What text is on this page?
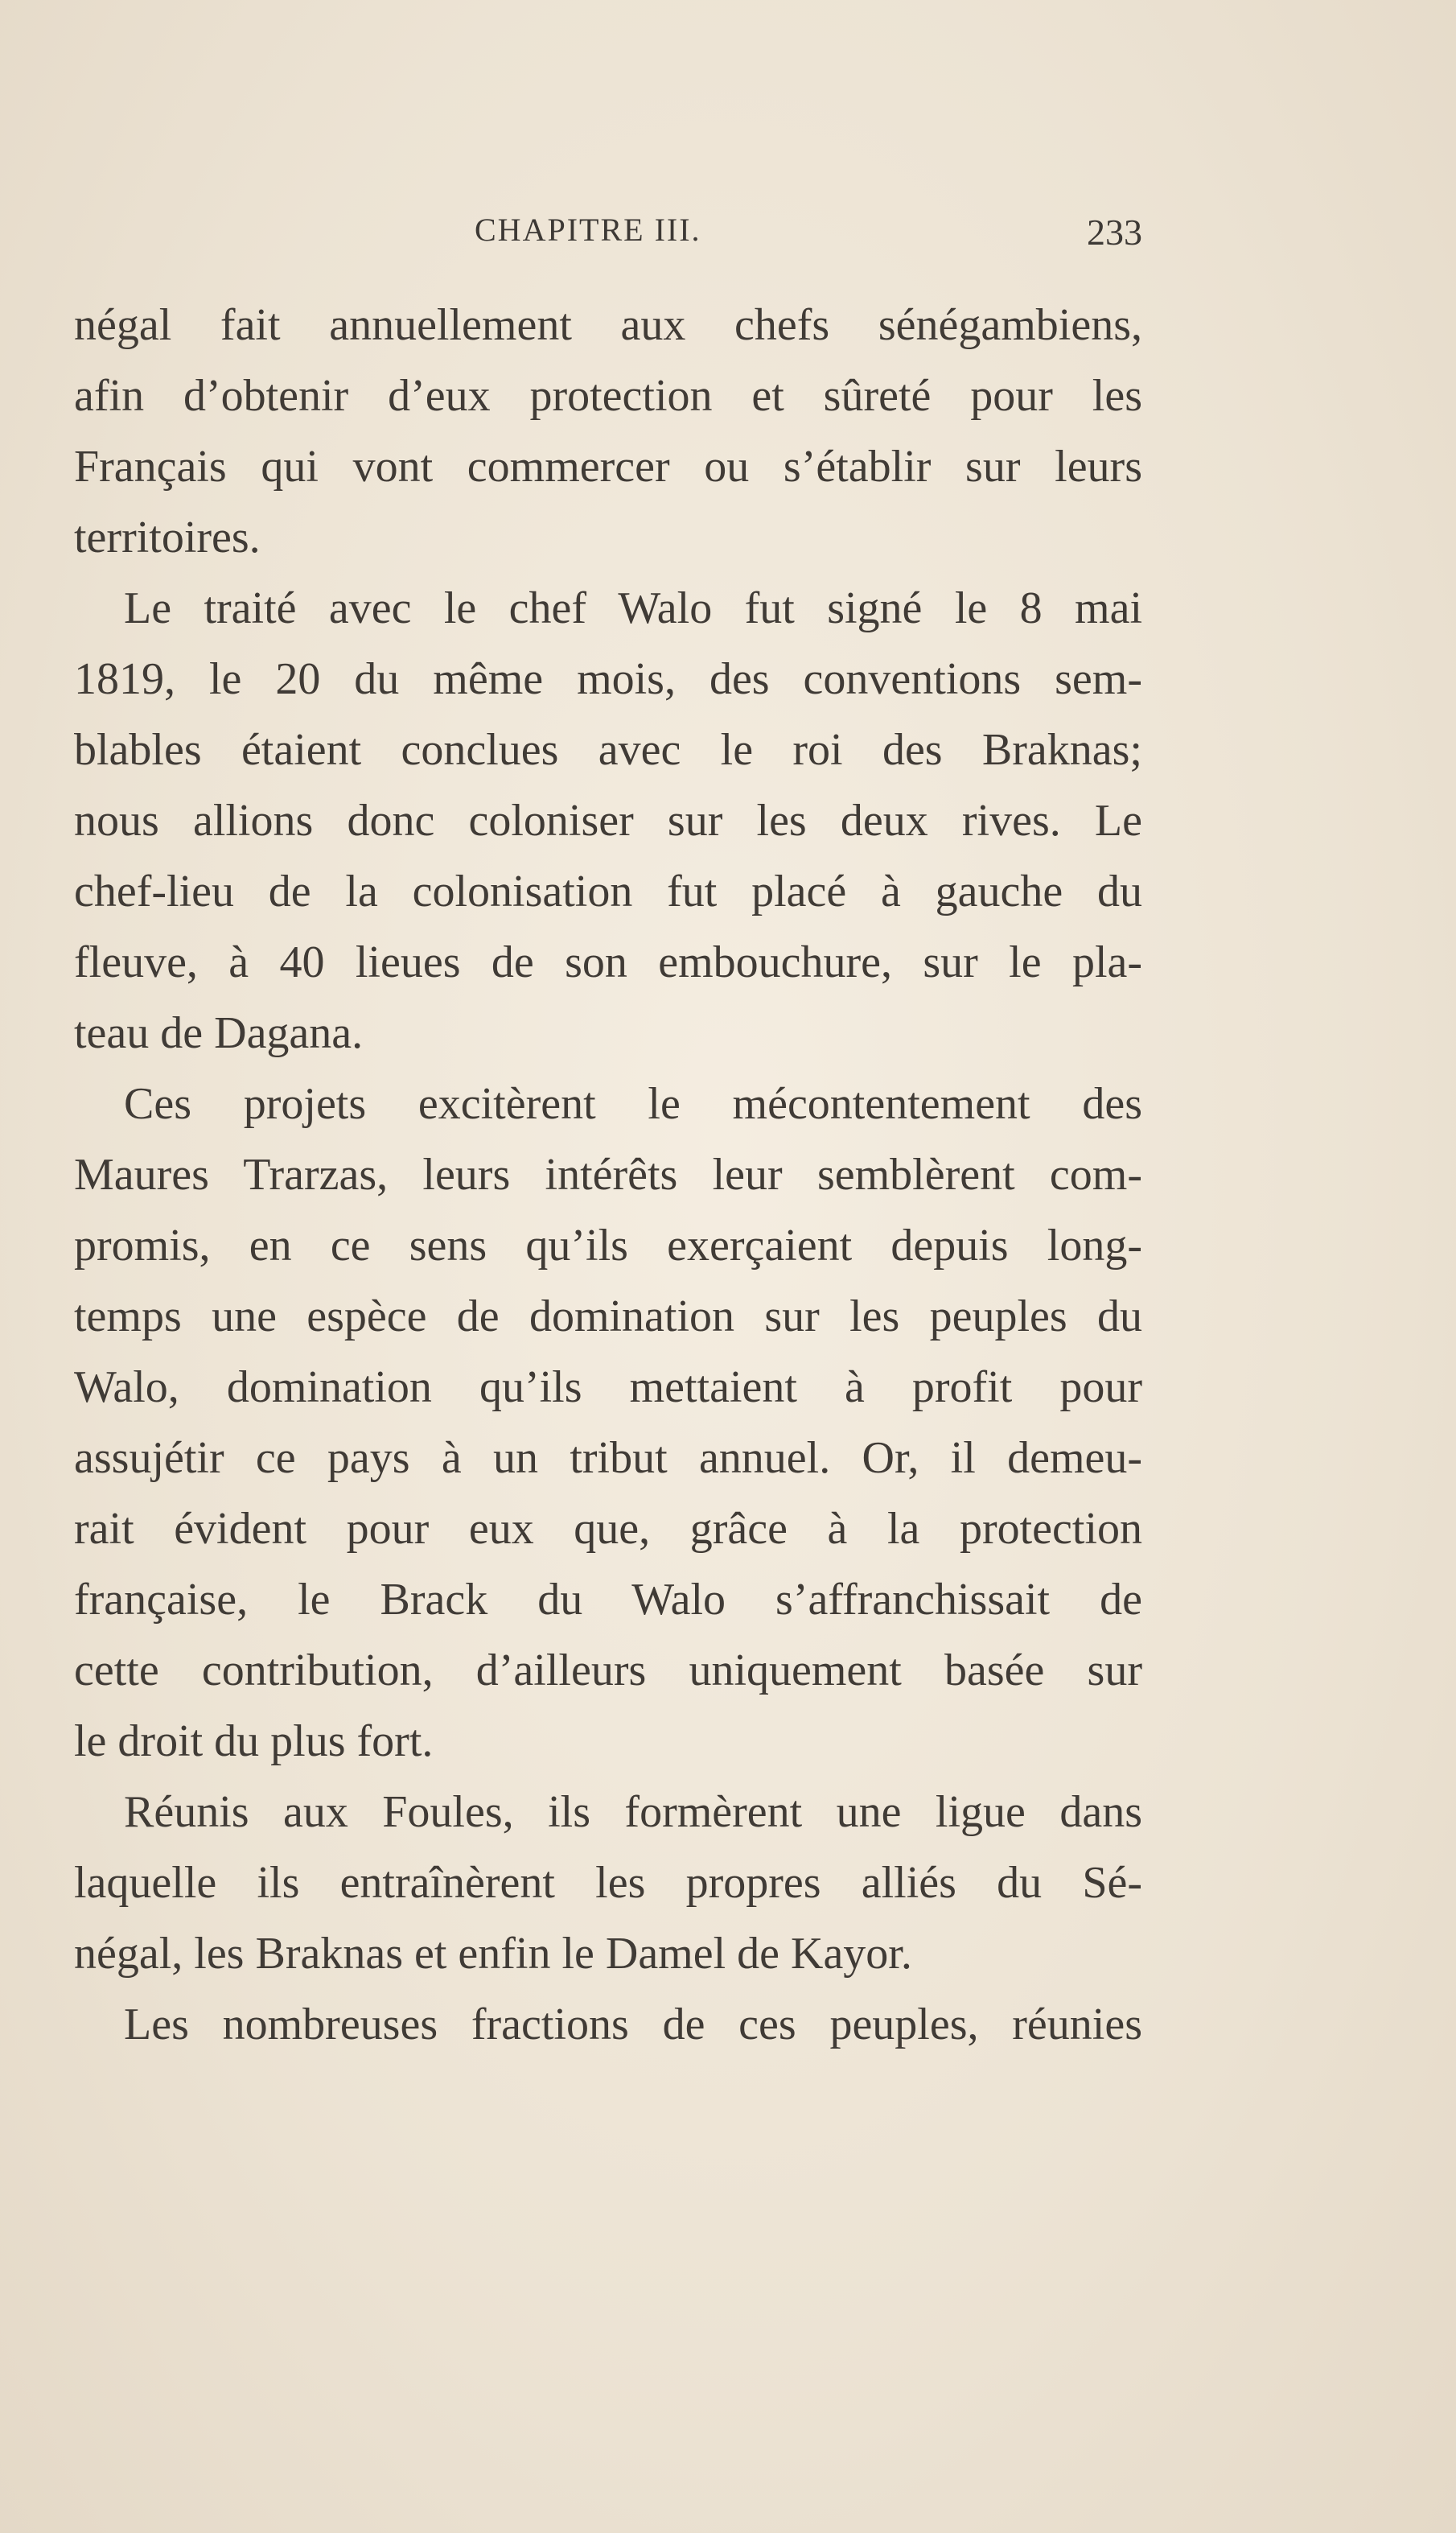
CHAPITRE III.	233
négal fait annuellement aux chefs sénégambiens,
afin d’obtenir d’eux protection et sûreté pour les
Français qui vont commercer ou s’établir sur leurs
territoires.
Le traité avec le chef Walo fut signé le 8 mai
1819, le 20 du même mois, des conventions sem-
blables étaient conclues avec le roi des Braknas;
nous allions donc coloniser sur les deux rives. Le
chef-lieu de la colonisation fut placé à gauche du
fleuve, à 40 lieues de son embouchure, sur le pla-
teau de Dagana.
Ces projets excitèrent le mécontentement des
Maures Trarzas, leurs intérêts leur semblèrent com-
promis, en ce sens qu’ils exerçaient depuis long-
temps une espèce de domination sur les peuples du
Walo, domination qu’ils mettaient à profit pour
assujétir ce pays à un tribut annuel. Or, il demeu-
rait évident pour eux que, grâce à la protection
française, le Brack du Walo s’affranchissait de
cette contribution, d’ailleurs uniquement basée sur
le droit du plus fort.
Réunis aux Foules, ils formèrent une ligue dans
laquelle ils entraînèrent les propres alliés du Sé-
négal, les Braknas et enfin le Damel de Kayor.
Les nombreuses fractions de ces peuples, réunies
